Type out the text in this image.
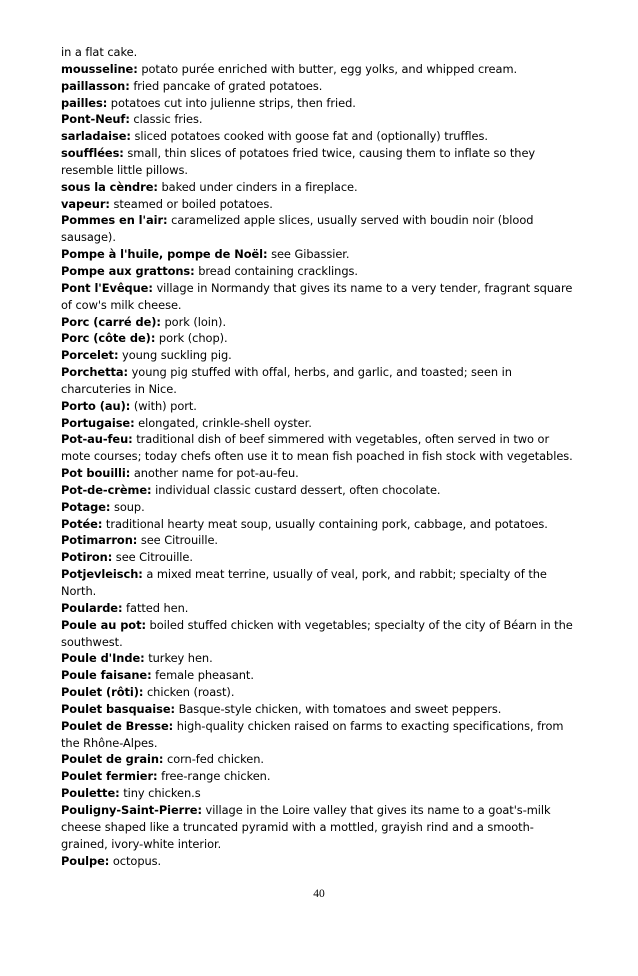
in a flat cake.

mousseline: potato purée enriched with butter, egg yolks, and whipped cream.

paillasson: fried pancake of grated potatoes.

pailles: potatoes cut into julienne strips, then fried.

Pont-Neuf: classic fries.

sarladaise: sliced potatoes cooked with goose fat and (optionally) truffles.

soufflées: small, thin slices of potatoes fried twice, causing them to inflate so they resemble little pillows.

sous la cèndre: baked under cinders in a fireplace.

vapeur: steamed or boiled potatoes.

Pommes en l'air: caramelized apple slices, usually served with boudin noir (blood sausage).

Pompe à l'huile, pompe de Noël: see Gibassier.

Pompe aux grattons: bread containing cracklings.

Pont l'Evêque: village in Normandy that gives its name to a very tender, fragrant square of cow's milk cheese.

Porc (carré de): pork (loin).

Porc (côte de): pork (chop).

Porcelet: young suckling pig.

Porchetta: young pig stuffed with offal, herbs, and garlic, and toasted; seen in charcuteries in Nice.

Porto (au): (with) port.

Portugaise: elongated, crinkle-shell oyster.

Pot-au-feu: traditional dish of beef simmered with vegetables, often served in two or mote courses; today chefs often use it to mean fish poached in fish stock with vegetables.

Pot bouilli: another name for pot-au-feu.

Pot-de-crème: individual classic custard dessert, often chocolate.

Potage: soup.

Potée: traditional hearty meat soup, usually containing pork, cabbage, and potatoes.

Potimarron: see Citrouille.

Potiron: see Citrouille.

Potjevleisch: a mixed meat terrine, usually of veal, pork, and rabbit; specialty of the North.

Poularde: fatted hen.

Poule au pot: boiled stuffed chicken with vegetables; specialty of the city of Béarn in the southwest.

Poule d'Inde: turkey hen.

Poule faisane: female pheasant.

Poulet (rôti): chicken (roast).

Poulet basquaise: Basque-style chicken, with tomatoes and sweet peppers.

Poulet de Bresse: high-quality chicken raised on farms to exacting specifications, from the Rhône-Alpes.

Poulet de grain: corn-fed chicken.

Poulet fermier: free-range chicken.

Poulette: tiny chicken.s

Pouligny-Saint-Pierre: village in the Loire valley that gives its name to a goat's-milk cheese shaped like a truncated pyramid with a mottled, grayish rind and a smooth-grained, ivory-white interior.

Poulpe: octopus.

40
